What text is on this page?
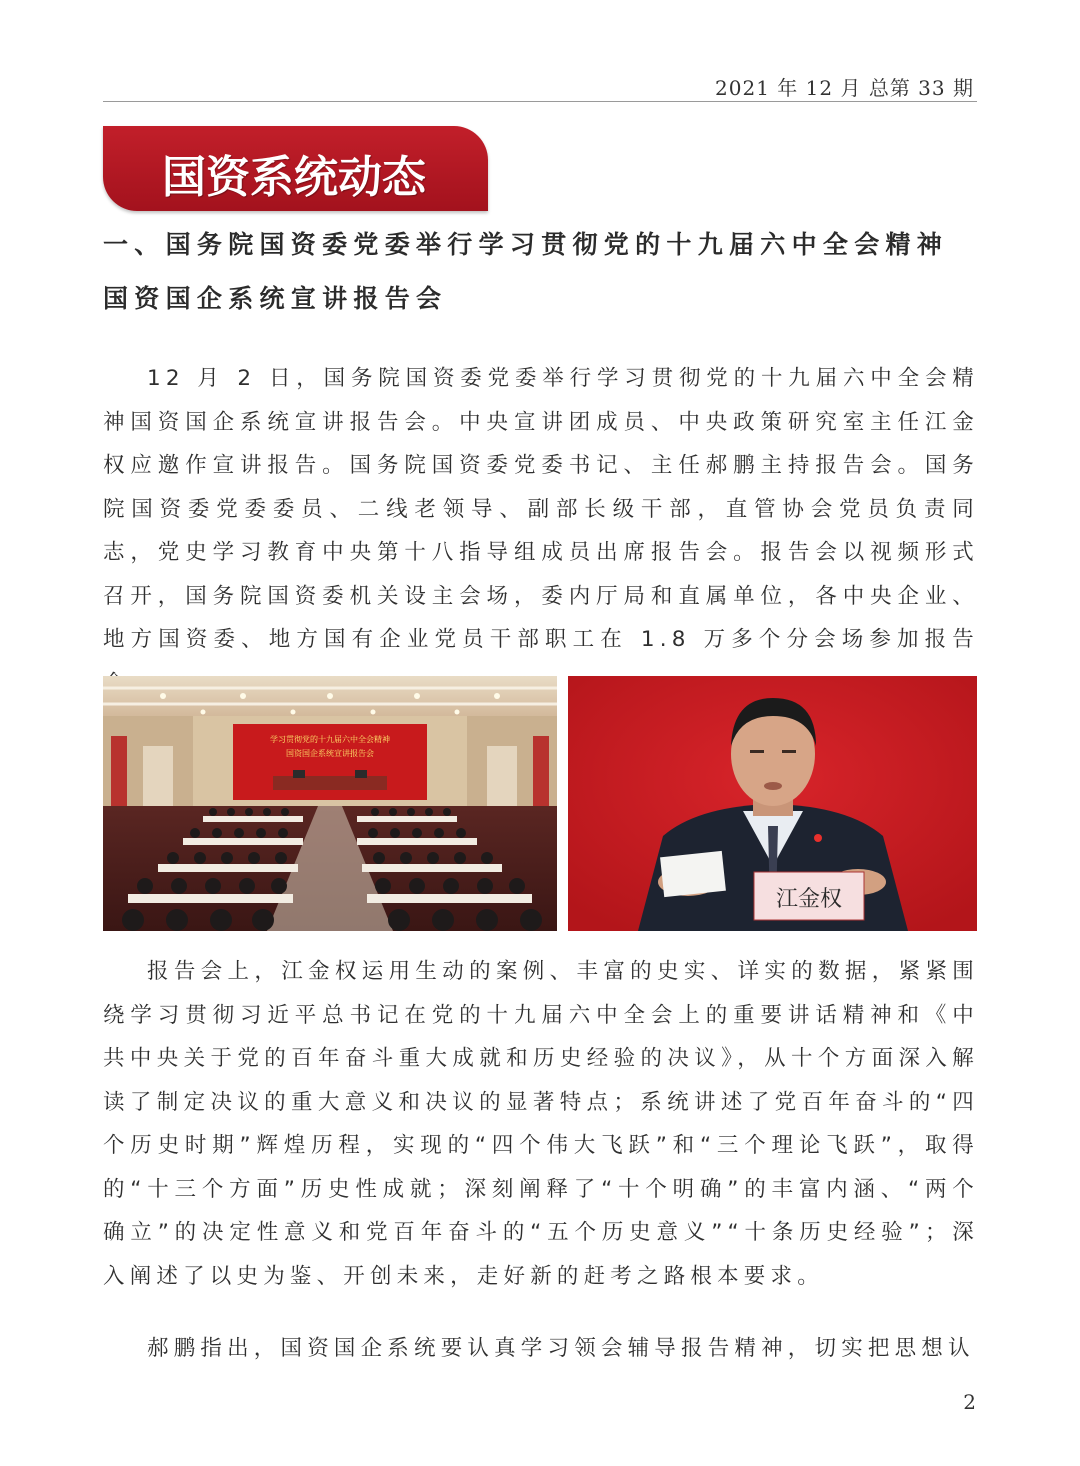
2021 年 12 月 总第 33 期
国资系统动态
一、国务院国资委党委举行学习贯彻党的十九届六中全会精神国资国企系统宣讲报告会

12 月 2 日，国务院国资委党委举行学习贯彻党的十九届六中全会精神国资国企系统宣讲报告会。中央宣讲团成员、中央政策研究室主任江金权应邀作宣讲报告。国务院国资委党委书记、主任郝鹏主持报告会。国务院国资委党委委员、二线老领导、副部长级干部，直管协会党员负责同志，党史学习教育中央第十八指导组成员出席报告会。报告会以视频形式召开，国务院国资委机关设主会场，委内厅局和直属单位，各中央企业、地方国资委、地方国有企业党员干部职工在 1.8 万多个分会场参加报告

学习贯彻党的十九届六中全会精神
国资国企系统宣讲报告会
江金权

报告会上，江金权运用生动的案例、丰富的史实、详实的数据，紧紧围绕学习贯彻习近平总书记在党的十九届六中全会上的重要讲话精神和《中共中央关于党的百年奋斗重大成就和历史经验的决议》，从十个方面深入解读了制定决议的重大意义和决议的显著特点；系统讲述了党百年奋斗的“四个历史时期”辉煌历程，实现的“四个伟大飞跃”和“三个理论飞跃”，取得的“十三个方面”历史性成就；深刻阐释了“十个明确”的丰富内涵、“两个确立”的决定性意义和党百年奋斗的“五个历史意义”“十条历史经验”；深入阐述了以史为鉴、开创未来，走好新的赶考之路根本要求。

郝鹏指出，国资国企系统要认真学习领会辅导报告精神，切实把思想认

2
